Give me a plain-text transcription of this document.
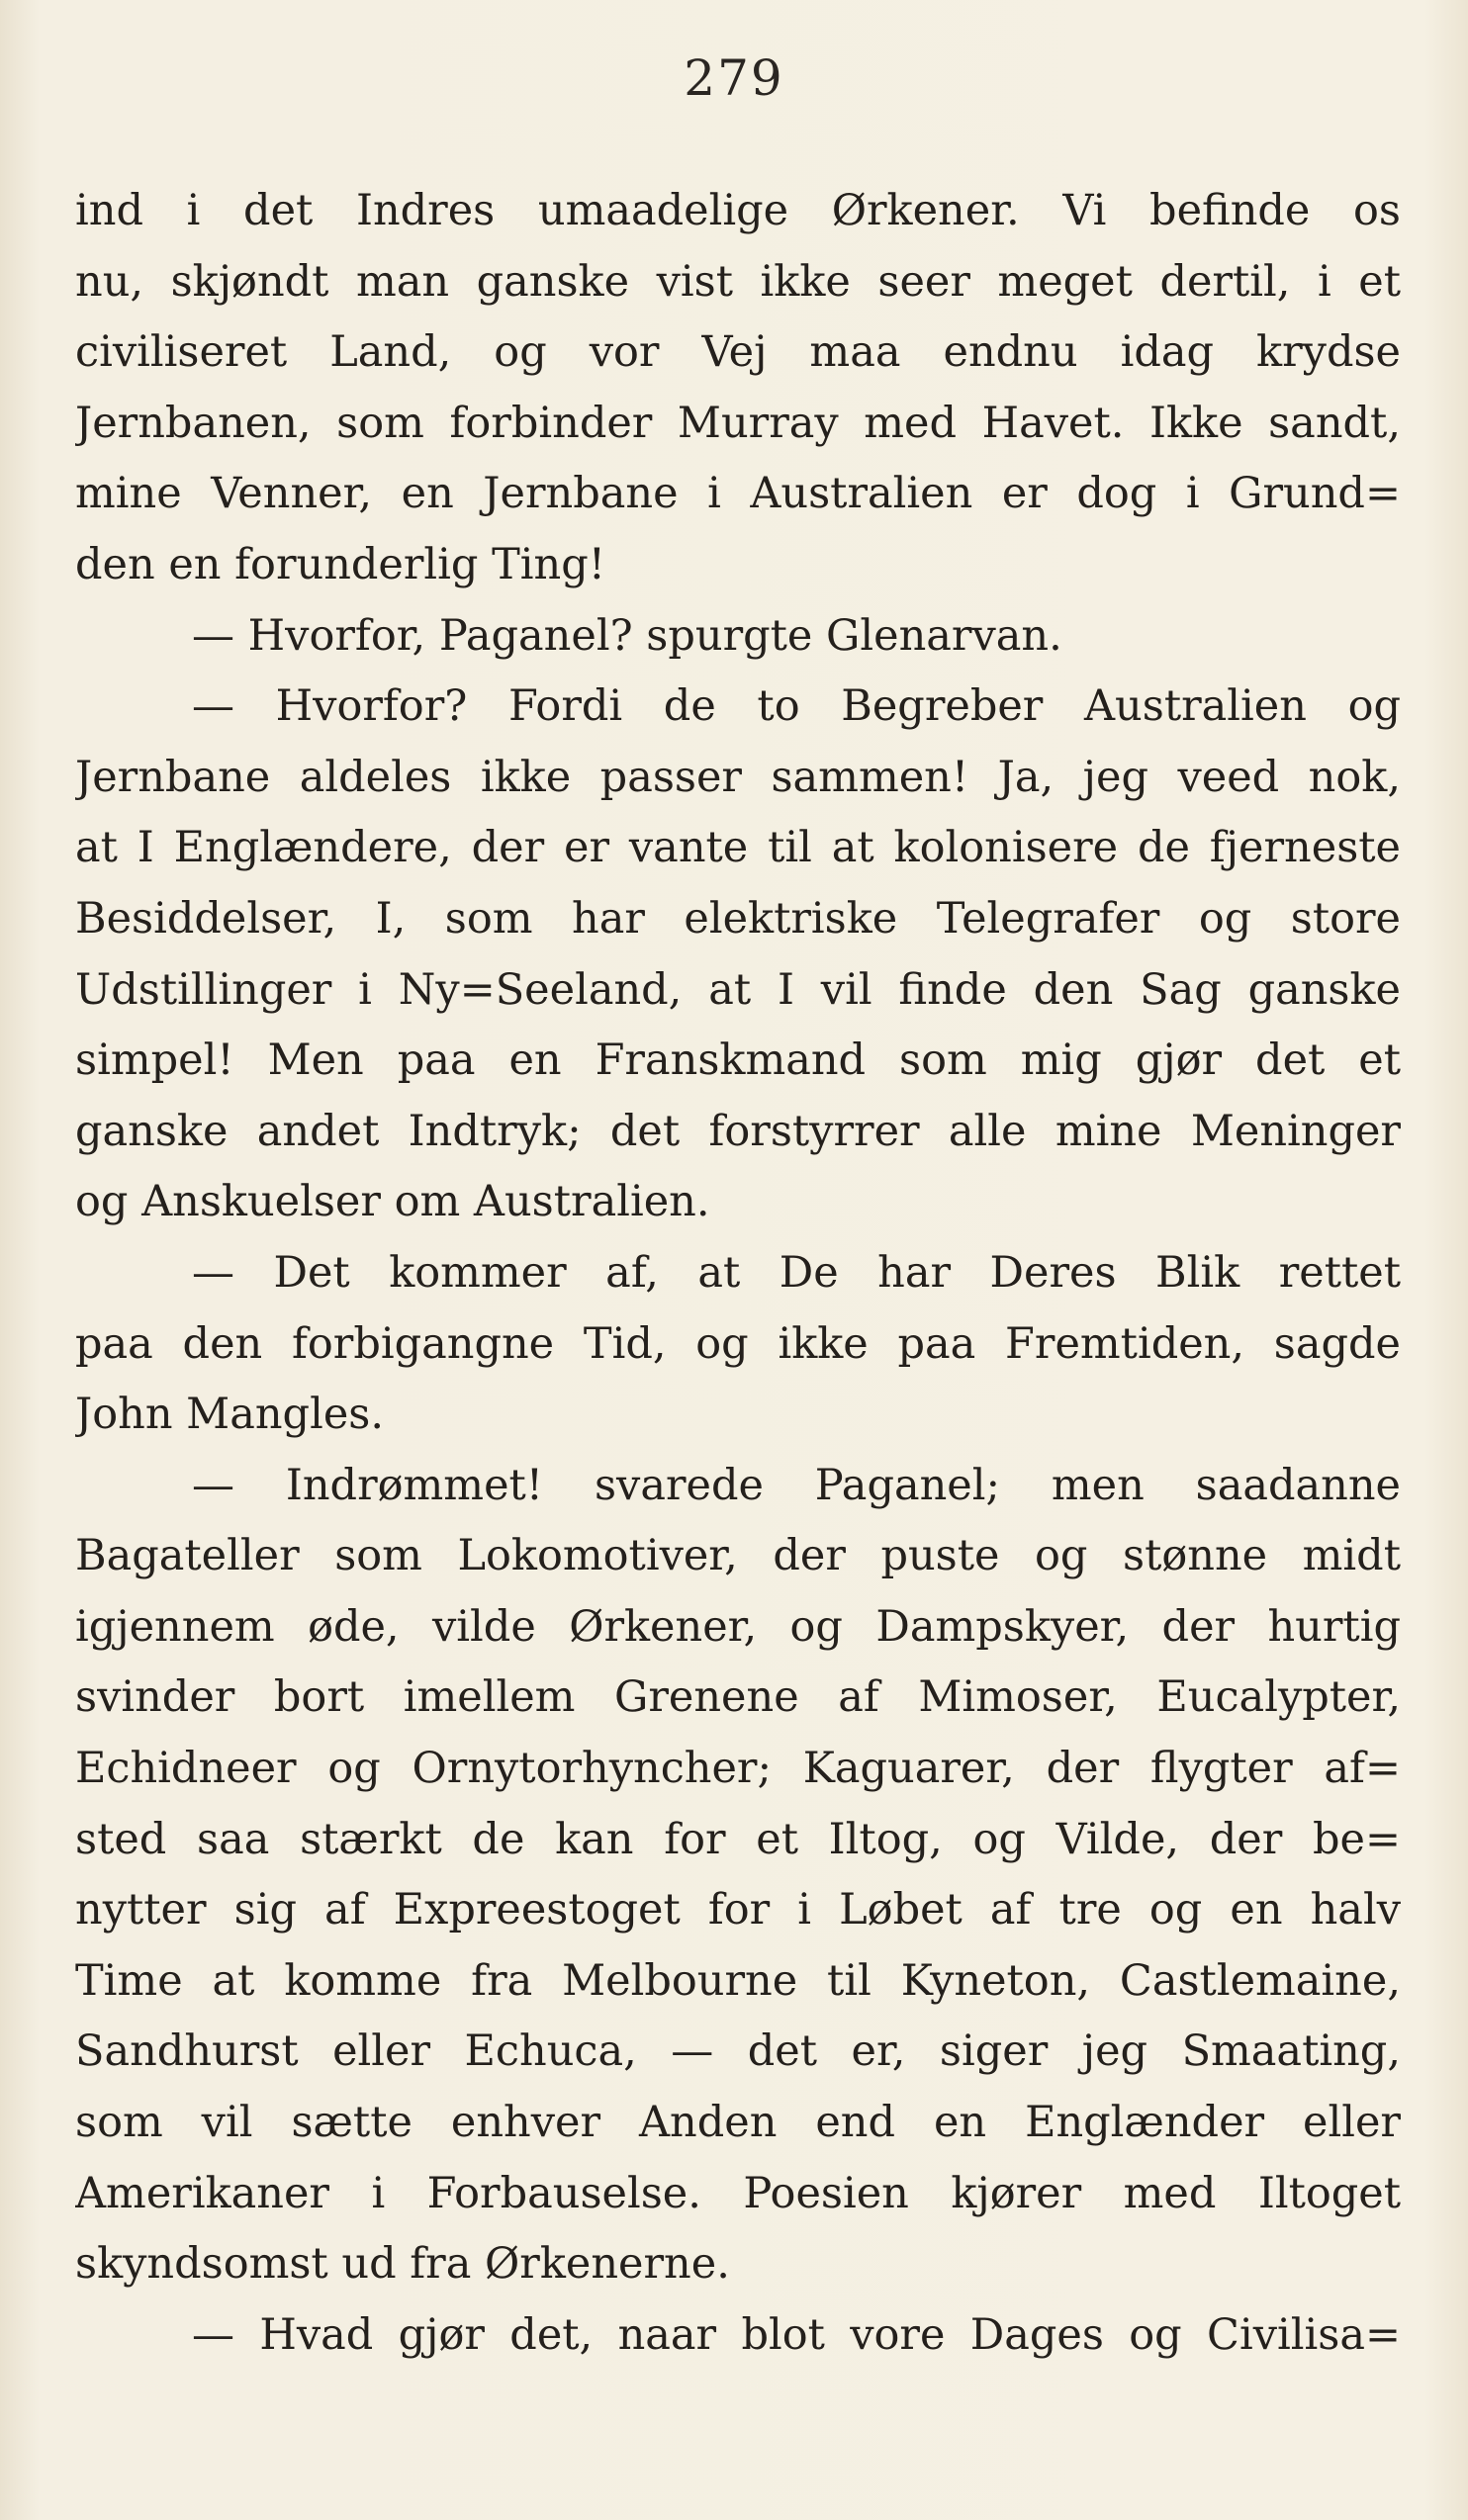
279
ind i det Indres umaadelige Ørkener. Vi befinde os
nu, skjøndt man ganske vist ikke seer meget dertil, i et
civiliseret Land, og vor Vej maa endnu idag krydse
Jernbanen, som forbinder Murray med Havet. Ikke sandt,
mine Venner, en Jernbane i Australien er dog i Grund=
den en forunderlig Ting!
— Hvorfor, Paganel? spurgte Glenarvan.
— Hvorfor? Fordi de to Begreber Australien og
Jernbane aldeles ikke passer sammen! Ja, jeg veed nok,
at I Englændere, der er vante til at kolonisere de fjerneste
Besiddelser, I, som har elektriske Telegrafer og store
Udstillinger i Ny=Seeland, at I vil finde den Sag ganske
simpel! Men paa en Franskmand som mig gjør det et
ganske andet Indtryk; det forstyrrer alle mine Meninger
og Anskuelser om Australien.
— Det kommer af, at De har Deres Blik rettet
paa den forbigangne Tid, og ikke paa Fremtiden, sagde
John Mangles.
— Indrømmet! svarede Paganel; men saadanne
Bagateller som Lokomotiver, der puste og stønne midt
igjennem øde, vilde Ørkener, og Dampskyer, der hurtig
svinder bort imellem Grenene af Mimoser, Eucalypter,
Echidneer og Ornytorhyncher; Kaguarer, der flygter af=
sted saa stærkt de kan for et Iltog, og Vilde, der be=
nytter sig af Expreestoget for i Løbet af tre og en halv
Time at komme fra Melbourne til Kyneton, Castlemaine,
Sandhurst eller Echuca, — det er, siger jeg Smaating,
som vil sætte enhver Anden end en Englænder eller
Amerikaner i Forbauselse. Poesien kjører med Iltoget
skyndsomst ud fra Ørkenerne.
— Hvad gjør det, naar blot vore Dages og Civilisa=
